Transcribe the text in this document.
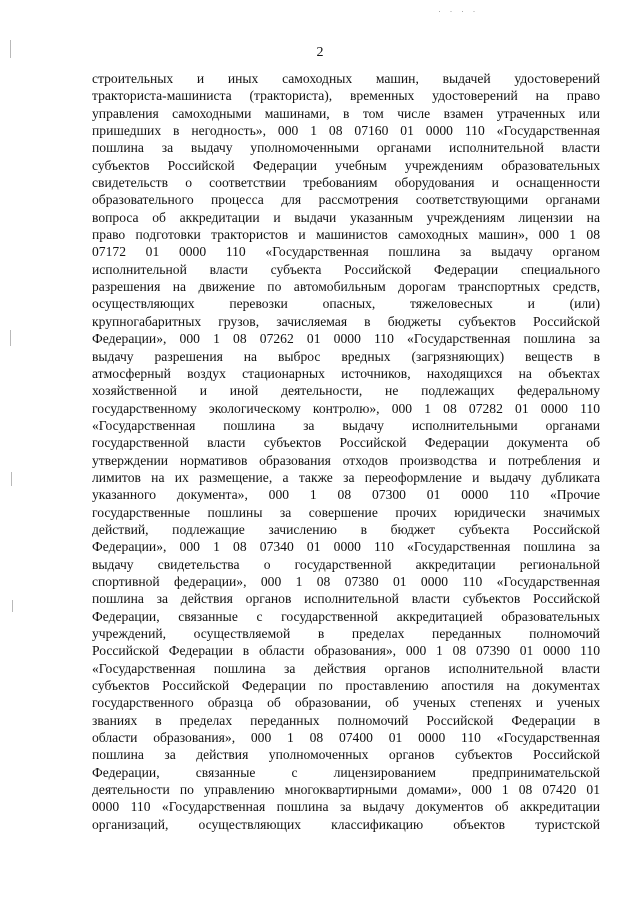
· · · ·
2
строительных и иных самоходных машин, выдачей удостоверений
тракториста-машиниста (тракториста), временных удостоверений на право
управления самоходными машинами, в том числе взамен утраченных или
пришедших в негодность», 000 1 08 07160 01 0000 110 «Государственная
пошлина за выдачу уполномоченными органами исполнительной власти
субъектов Российской Федерации учебным учреждениям образовательных
свидетельств о соответствии требованиям оборудования и оснащенности
образовательного процесса для рассмотрения соответствующими органами
вопроса об аккредитации и выдачи указанным учреждениям лицензии на
право подготовки трактористов и машинистов самоходных машин», 000 1 08
07172 01 0000 110 «Государственная пошлина за выдачу органом
исполнительной власти субъекта Российской Федерации специального
разрешения на движение по автомобильным дорогам транспортных средств,
осуществляющих перевозки опасных, тяжеловесных и (или)
крупногабаритных грузов, зачисляемая в бюджеты субъектов Российской
Федерации», 000 1 08 07262 01 0000 110 «Государственная пошлина за
выдачу разрешения на выброс вредных (загрязняющих) веществ в
атмосферный воздух стационарных источников, находящихся на объектах
хозяйственной и иной деятельности, не подлежащих федеральному
государственному экологическому контролю», 000 1 08 07282 01 0000 110
«Государственная пошлина за выдачу исполнительными органами
государственной власти субъектов Российской Федерации документа об
утверждении нормативов образования отходов производства и потребления и
лимитов на их размещение, а также за переоформление и выдачу дубликата
указанного документа», 000 1 08 07300 01 0000 110 «Прочие
государственные пошлины за совершение прочих юридически значимых
действий, подлежащие зачислению в бюджет субъекта Российской
Федерации», 000 1 08 07340 01 0000 110 «Государственная пошлина за
выдачу свидетельства о государственной аккредитации региональной
спортивной федерации», 000 1 08 07380 01 0000 110 «Государственная
пошлина за действия органов исполнительной власти субъектов Российской
Федерации, связанные с государственной аккредитацией образовательных
учреждений, осуществляемой в пределах переданных полномочий
Российской Федерации в области образования», 000 1 08 07390 01 0000 110
«Государственная пошлина за действия органов исполнительной власти
субъектов Российской Федерации по проставлению апостиля на документах
государственного образца об образовании, об ученых степенях и ученых
званиях в пределах переданных полномочий Российской Федерации в
области образования», 000 1 08 07400 01 0000 110 «Государственная
пошлина за действия уполномоченных органов субъектов Российской
Федерации, связанные с лицензированием предпринимательской
деятельности по управлению многоквартирными домами», 000 1 08 07420 01
0000 110 «Государственная пошлина за выдачу документов об аккредитации
организаций, осуществляющих классификацию объектов туристской
